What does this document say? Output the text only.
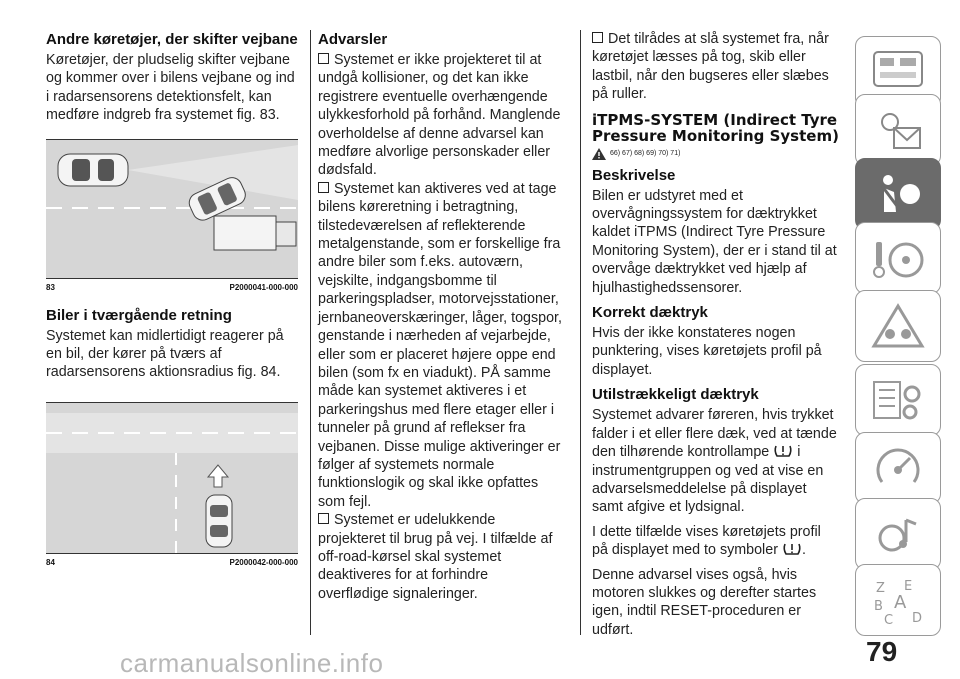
Andre køretøjer, der skifter vejbane

Køretøjer, der pludselig skifter vejbane og kommer over i bilens vejbane og ind i radarsensorens detektionsfelt, kan medføre indgreb fra systemet fig. 83.

83	P2000041-000-000
Biler i tværgående retning

Systemet kan midlertidigt reagerer på en bil, der kører på tværs af radarsensorens aktionsradius fig. 84.

84	P2000042-000-000
Advarsler

Systemet er ikke projekteret til at undgå kollisioner, og det kan ikke registrere eventuelle overhængende ulykkesforhold på forhånd. Manglende overholdelse af denne advarsel kan medføre alvorlige personskader eller dødsfald.

Systemet kan aktiveres ved at tage bilens køreretning i betragtning, tilstedeværelsen af reflekterende metalgenstande, som er forskellige fra andre biler som f.eks. autoværn, vejskilte, indgangsbomme til parkeringspladser, motorvejsstationer, jernbaneoverskæringer, låger, togspor, genstande i nærheden af vejarbejde, eller som er placeret højere oppe end bilen (som fx en viadukt). PÅ samme måde kan systemet aktiveres i et parkeringshus med flere etager eller i tunneler på grund af reflekser fra vejbanen. Disse mulige aktiveringer er følger af systemets normale funktionslogik og skal ikke opfattes som fejl.

Systemet er udelukkende projekteret til brug på vej. I tilfælde af off-road-kørsel skal systemet deaktiveres for at forhindre overflødige signaleringer.

Det tilrådes at slå systemet fra, når køretøjet læsses på tog, skib eller lastbil, når den bugseres eller slæbes på ruller.

iTPMS-SYSTEM (Indirect Tyre Pressure Monitoring System)
66) 67) 68) 69) 70) 71)
Beskrivelse

Bilen er udstyret med et overvågningssystem for dæktrykket kaldet iTPMS (Indirect Tyre Pressure Monitoring System), der er i stand til at overvåge dæktrykket ved hjælp af hjulhastighedssensorer.

Korrekt dæktryk

Hvis der ikke konstateres nogen punktering, vises køretøjets profil på displayet.

Utilstrækkeligt dæktryk

Systemet advarer føreren, hvis trykket falder i et eller flere dæk, ved at tænde den tilhørende kontrollampe i instrumentgruppen og ved at vise en advarselsmeddelelse på displayet samt afgive et lydsignal.

I dette tilfælde vises køretøjets profil på displayet med to symboler .

Denne advarsel vises også, hvis motoren slukkes og derefter startes igen, indtil RESET-proceduren er udført.

Z E
B A
C D
79
carmanualsonline.info
